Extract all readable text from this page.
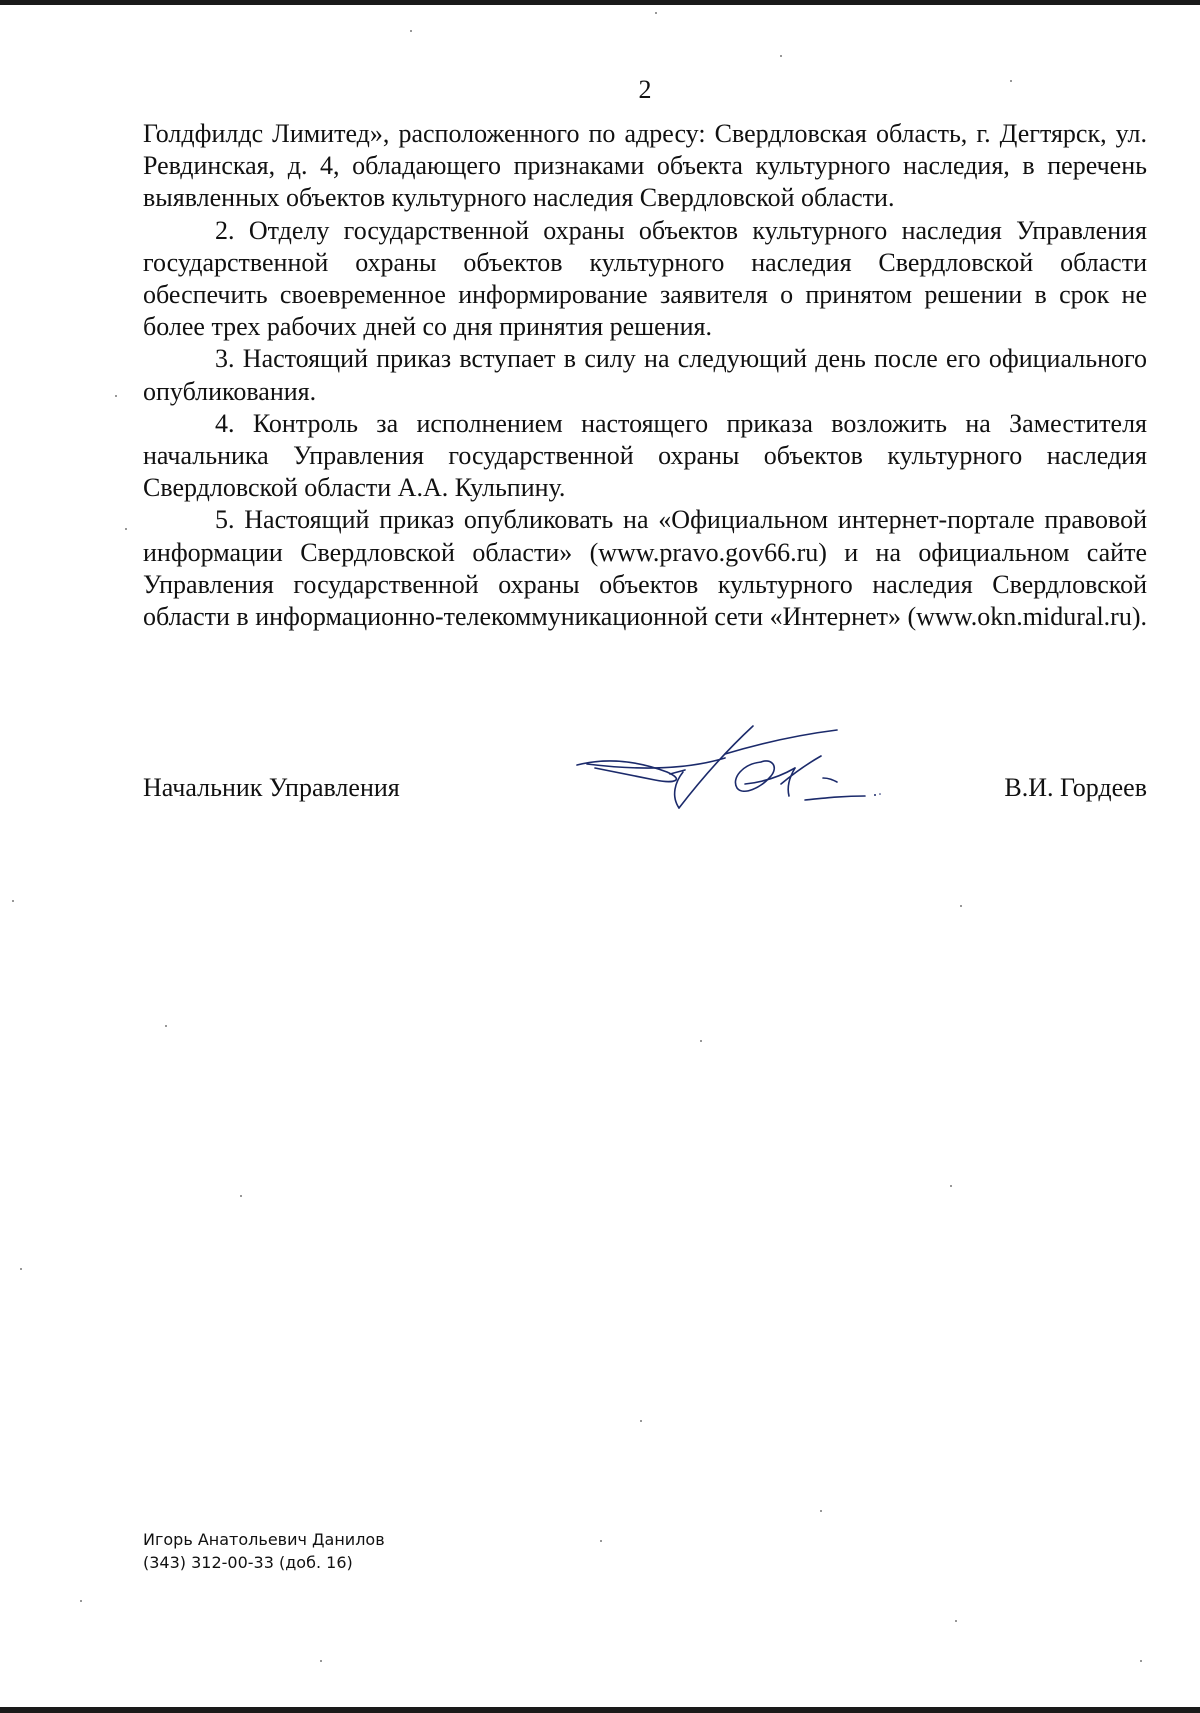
2

Голдфилдс Лимитед», расположенного по адресу: Свердловская область, г. Дегтярск, ул. Ревдинская, д. 4, обладающего признаками объекта культурного наследия, в перечень выявленных объектов культурного наследия Свердловской области.

2. Отделу государственной охраны объектов культурного наследия Управления государственной охраны объектов культурного наследия Свердловской области обеспечить своевременное информирование заявителя о принятом решении в срок не более трех рабочих дней со дня принятия решения.

3. Настоящий приказ вступает в силу на следующий день после его официального опубликования.

4. Контроль за исполнением настоящего приказа возложить на Заместителя начальника Управления государственной охраны объектов культурного наследия Свердловской области А.А. Кульпину.

5. Настоящий приказ опубликовать на «Официальном интернет-портале правовой информации Свердловской области» (www.pravo.gov66.ru) и на официальном сайте Управления государственной охраны объектов культурного наследия Свердловской области в информационно-телекоммуникационной сети «Интернет» (www.okn.midural.ru).

Начальник Управления	В.И. Гордеев
Игорь Анатольевич Данилов
(343) 312-00-33 (доб. 16)
